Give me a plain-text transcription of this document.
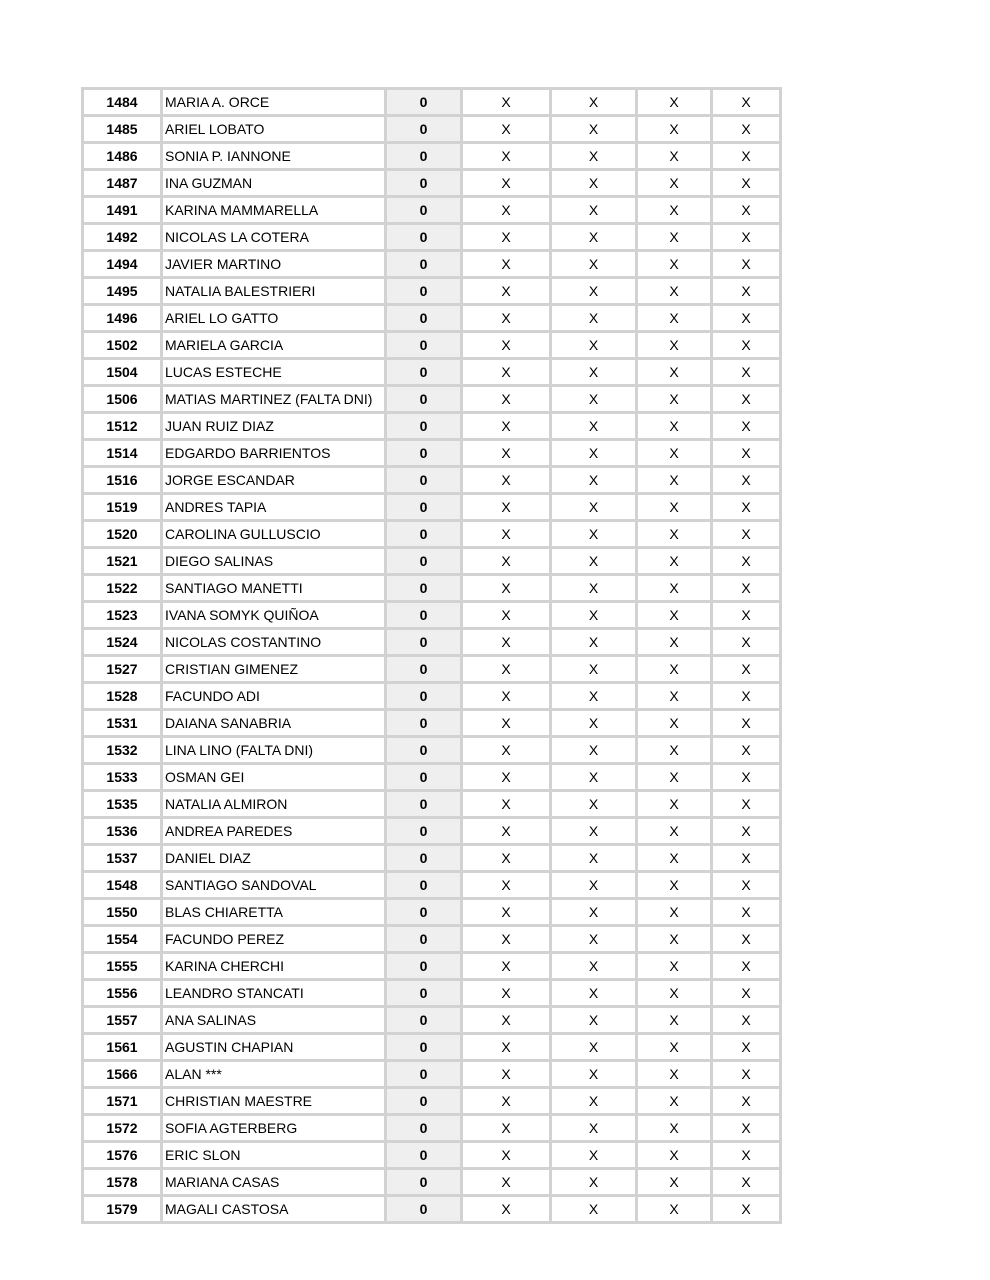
1484	MARIA A. ORCE	0	X	X	X	X
1485	ARIEL LOBATO	0	X	X	X	X
1486	SONIA P. IANNONE	0	X	X	X	X
1487	INA GUZMAN	0	X	X	X	X
1491	KARINA MAMMARELLA	0	X	X	X	X
1492	NICOLAS LA COTERA	0	X	X	X	X
1494	JAVIER MARTINO	0	X	X	X	X
1495	NATALIA BALESTRIERI	0	X	X	X	X
1496	ARIEL LO GATTO	0	X	X	X	X
1502	MARIELA GARCIA	0	X	X	X	X
1504	LUCAS ESTECHE	0	X	X	X	X
1506	MATIAS MARTINEZ (FALTA DNI)	0	X	X	X	X
1512	JUAN RUIZ DIAZ	0	X	X	X	X
1514	EDGARDO BARRIENTOS	0	X	X	X	X
1516	JORGE ESCANDAR	0	X	X	X	X
1519	ANDRES TAPIA	0	X	X	X	X
1520	CAROLINA GULLUSCIO	0	X	X	X	X
1521	DIEGO SALINAS	0	X	X	X	X
1522	SANTIAGO MANETTI	0	X	X	X	X
1523	IVANA SOMYK QUIÑOA	0	X	X	X	X
1524	NICOLAS COSTANTINO	0	X	X	X	X
1527	CRISTIAN GIMENEZ	0	X	X	X	X
1528	FACUNDO ADI	0	X	X	X	X
1531	DAIANA SANABRIA	0	X	X	X	X
1532	LINA LINO (FALTA DNI)	0	X	X	X	X
1533	OSMAN GEI	0	X	X	X	X
1535	NATALIA ALMIRON	0	X	X	X	X
1536	ANDREA PAREDES	0	X	X	X	X
1537	DANIEL DIAZ	0	X	X	X	X
1548	SANTIAGO SANDOVAL	0	X	X	X	X
1550	BLAS CHIARETTA	0	X	X	X	X
1554	FACUNDO PEREZ	0	X	X	X	X
1555	KARINA CHERCHI	0	X	X	X	X
1556	LEANDRO STANCATI	0	X	X	X	X
1557	ANA SALINAS	0	X	X	X	X
1561	AGUSTIN CHAPIAN	0	X	X	X	X
1566	ALAN ***	0	X	X	X	X
1571	CHRISTIAN MAESTRE	0	X	X	X	X
1572	SOFIA AGTERBERG	0	X	X	X	X
1576	ERIC SLON	0	X	X	X	X
1578	MARIANA CASAS	0	X	X	X	X
1579	MAGALI CASTOSA	0	X	X	X	X
